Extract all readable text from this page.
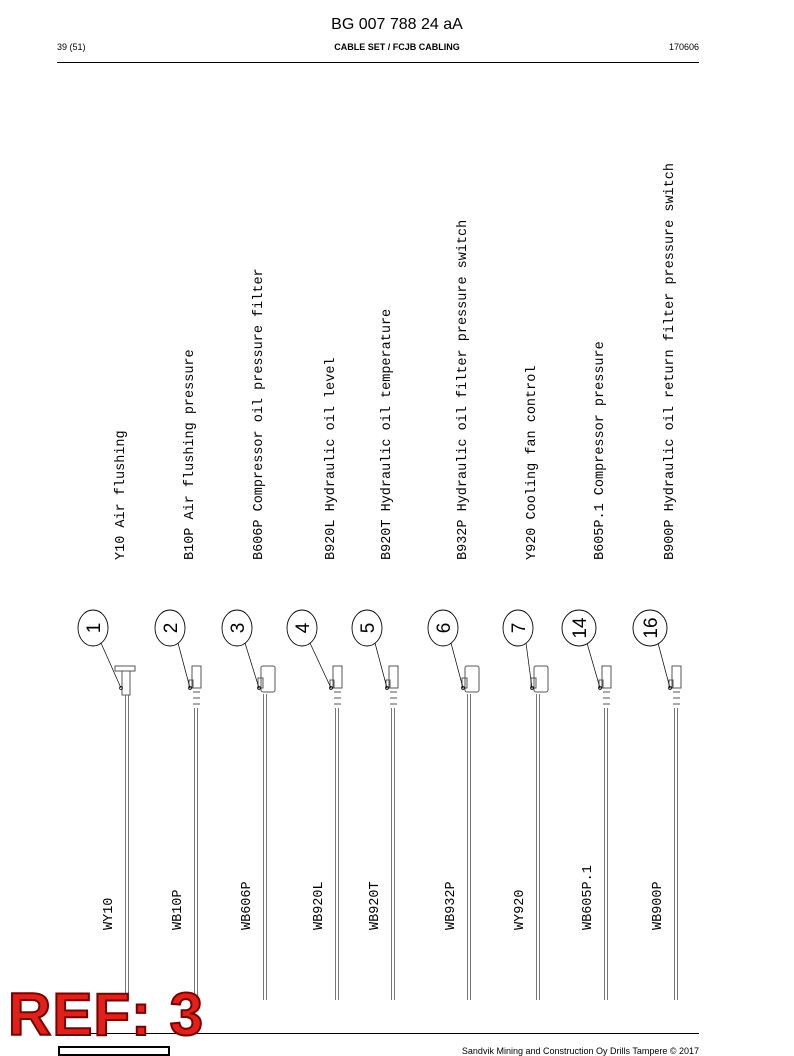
BG 007 788 24 aA
39 (51)	CABLE SET / FCJB CABLING	170606
Y10 Air flushing
1
WY10
B10P Air flushing pressure
2
WB10P
B606P Compressor oil pressure filter
3
WB606P
B920L Hydraulic oil level
4
WB920L
B920T Hydraulic oil temperature
5
WB920T
B932P Hydraulic oil filter pressure switch
6
WB932P
Y920 Cooling fan control
7
WY920
B605P.1 Compressor pressure
14
WB605P.1
B900P Hydraulic oil return filter pressure switch
16
WB900P
Sandvik Mining and Construction Oy Drills Tampere © 2017
REF: 3
